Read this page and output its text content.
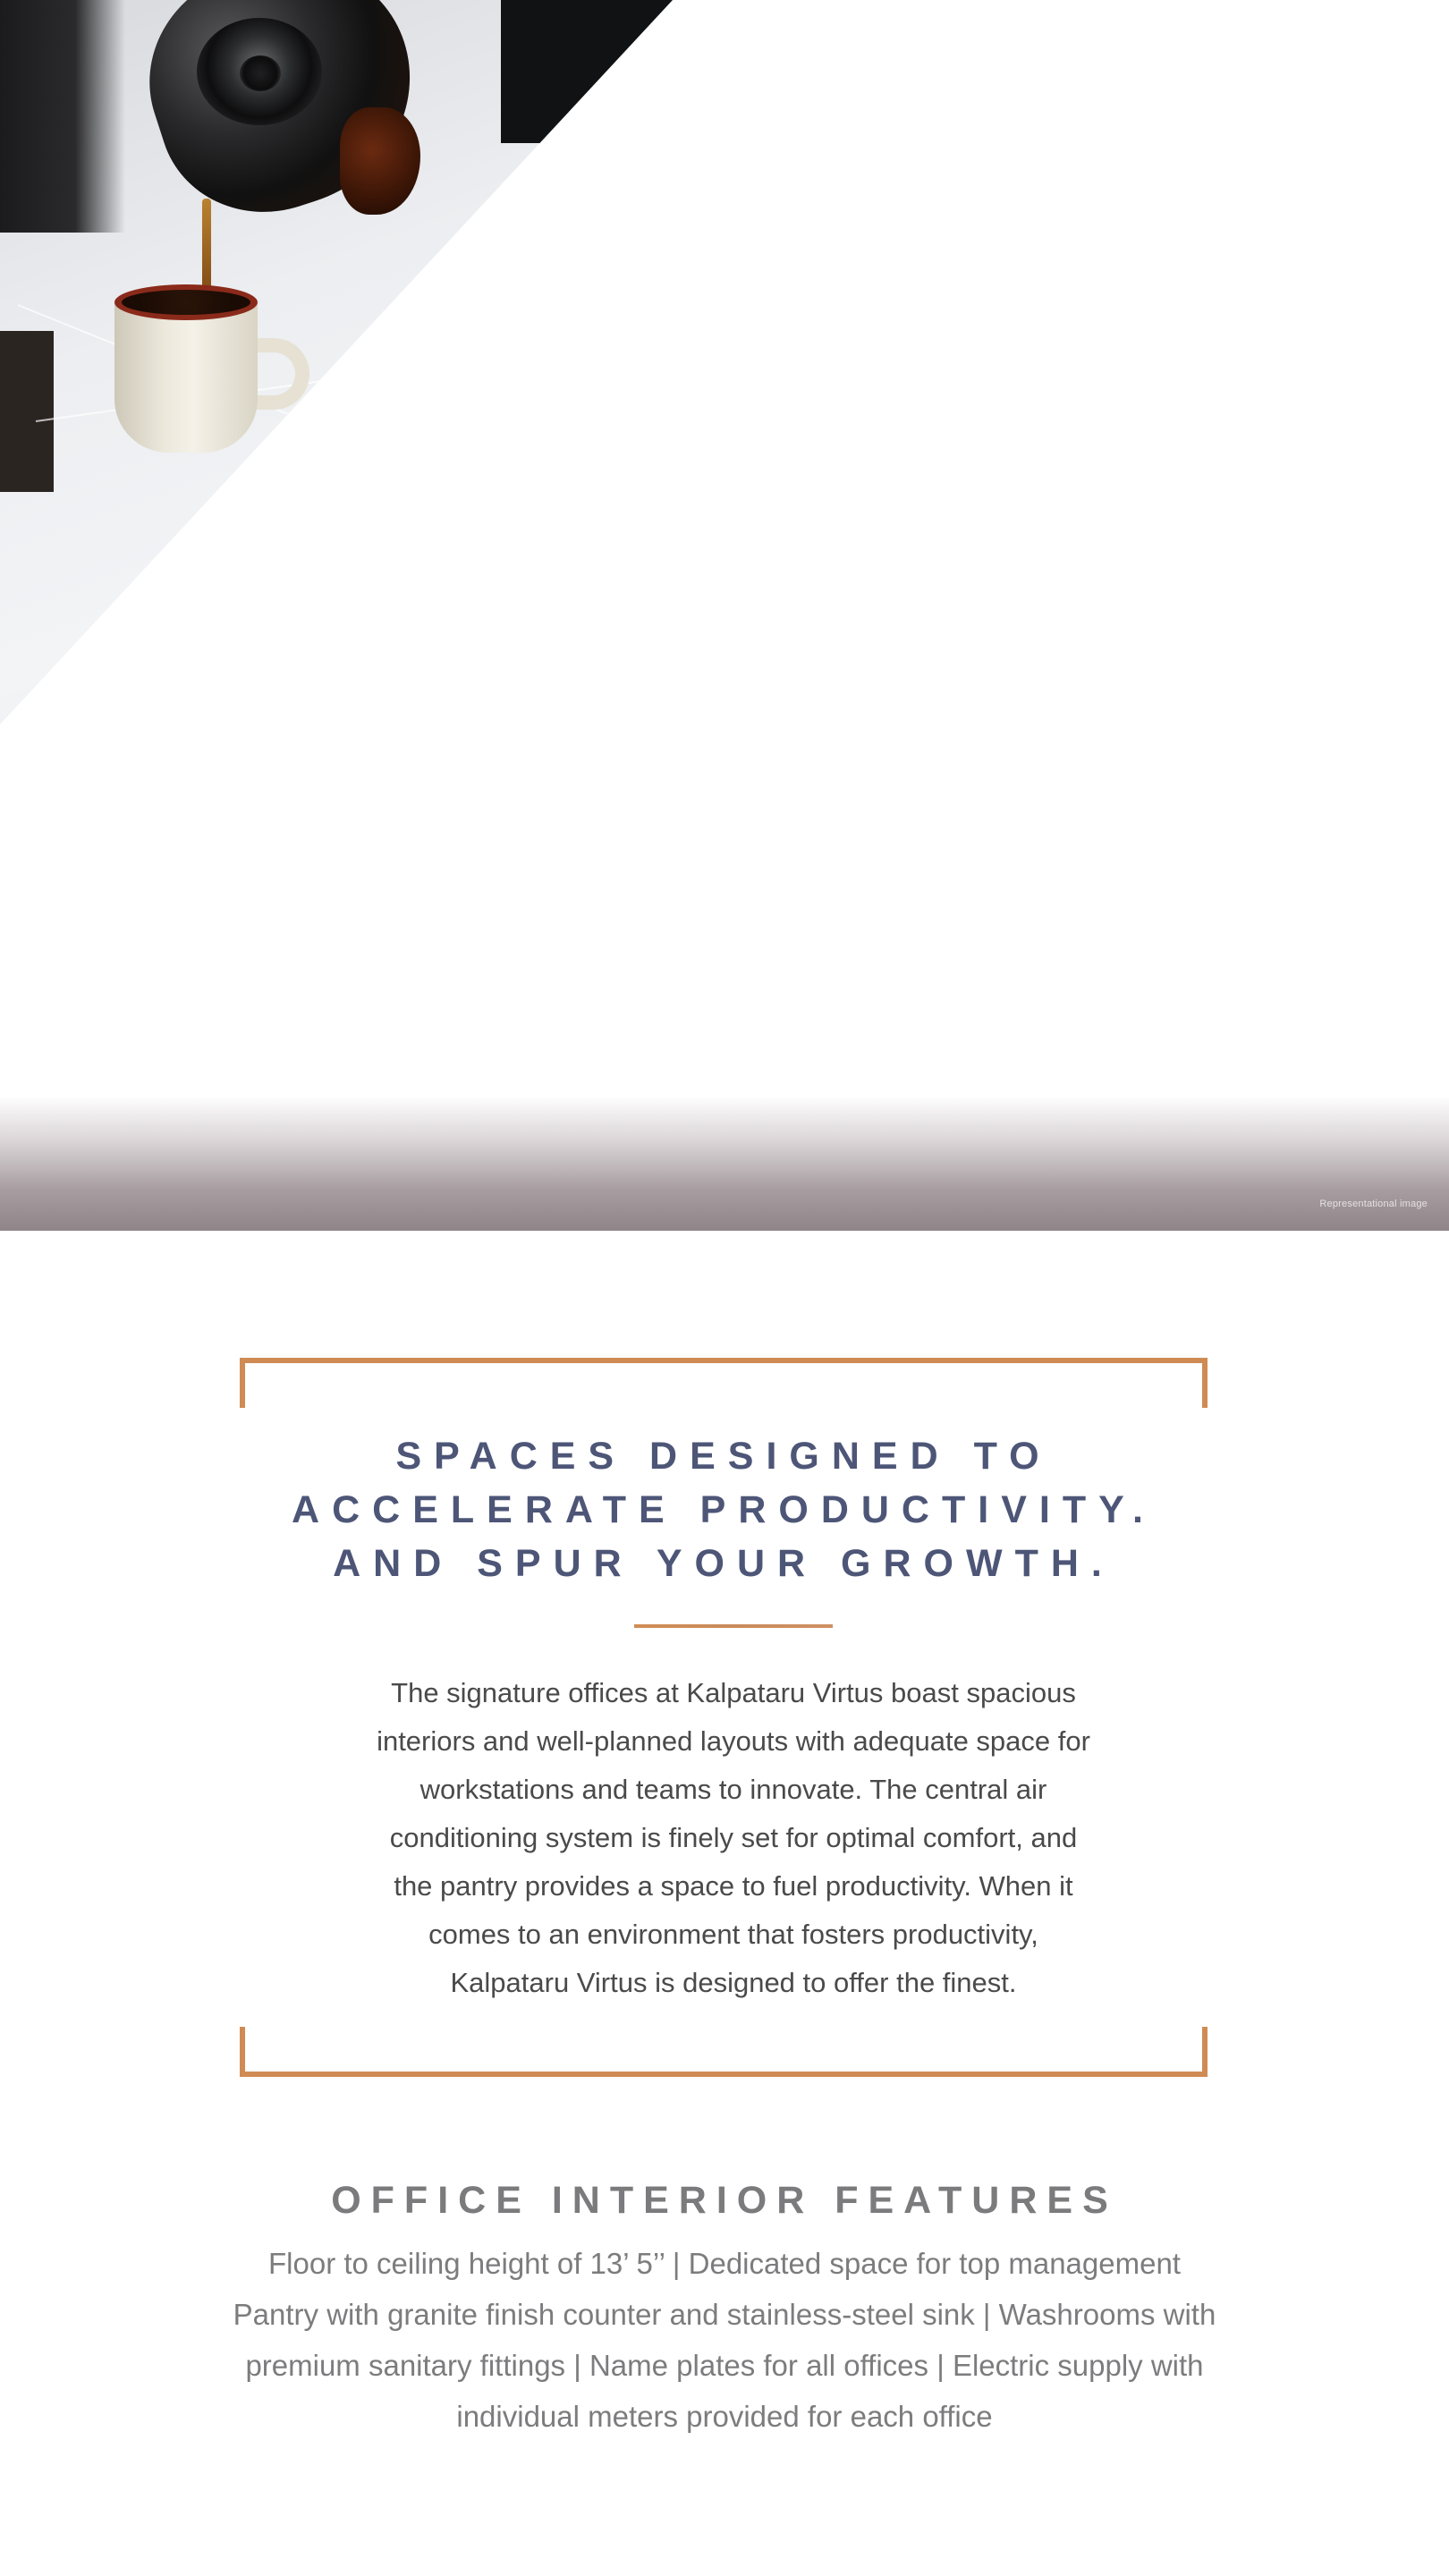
Representational image
SPACES DESIGNED TO
ACCELERATE PRODUCTIVITY.
AND SPUR YOUR GROWTH.
The signature offices at Kalpataru Virtus boast spacious
interiors and well-planned layouts with adequate space for
workstations and teams to innovate. The central air
conditioning system is finely set for optimal comfort, and
the pantry provides a space to fuel productivity. When it
comes to an environment that fosters productivity,
Kalpataru Virtus is designed to offer the finest.
OFFICE INTERIOR FEATURES
Floor to ceiling height of 13’ 5’’ | Dedicated space for top management
Pantry with granite finish counter and stainless-steel sink | Washrooms with
premium sanitary fittings | Name plates for all offices | Electric supply with
individual meters provided for each office
